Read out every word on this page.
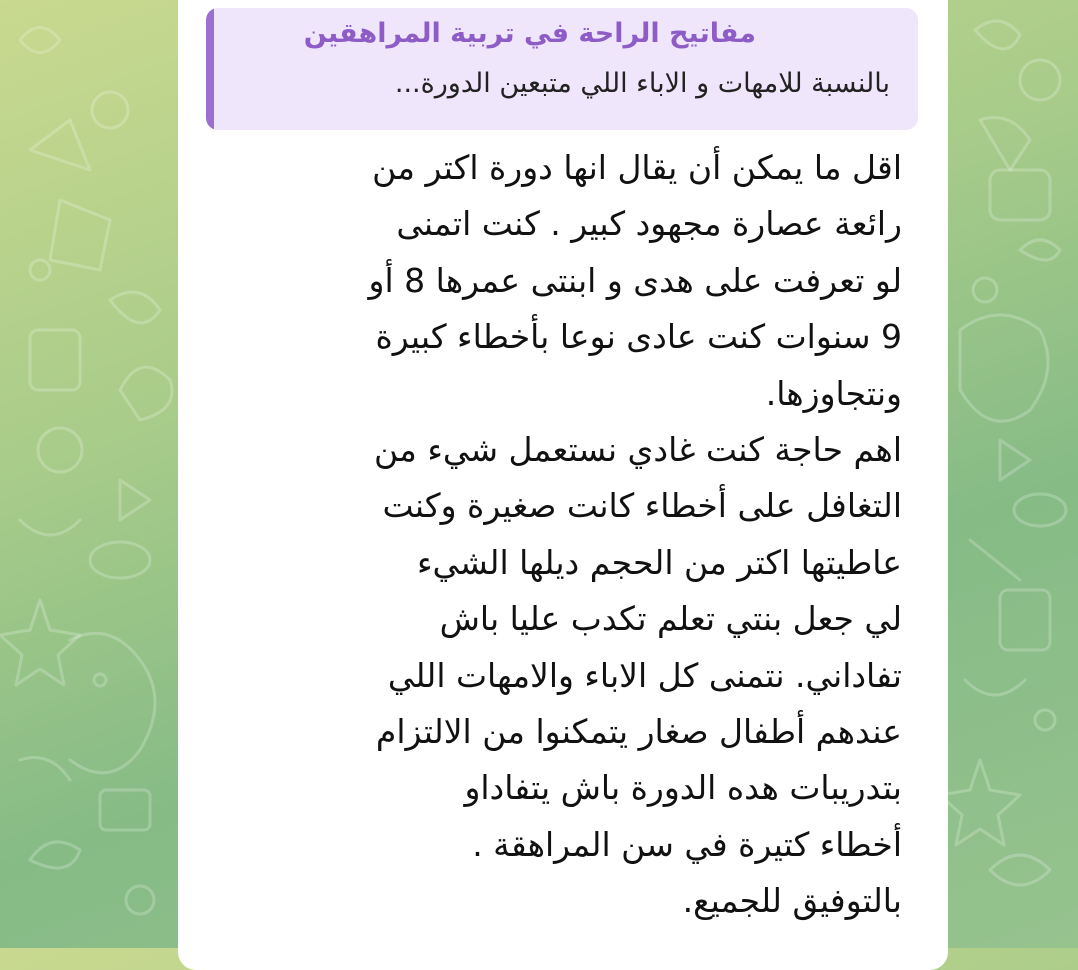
مفاتيح الراحة في تربية المراهقين
بالنسبة للامهات و الاباء اللي متبعين الدورة...
اقل ما يمكن أن يقال انها دورة اكتر من
رائعة عصارة مجهود كبير . كنت اتمنى
لو تعرفت على هدى و ابنتى عمرها 8 أو
9 سنوات كنت عادى نوعا بأخطاء كبيرة
ونتجاوزها.
اهم حاجة كنت غادي نستعمل شيء من
التغافل على أخطاء كانت صغيرة وكنت
عاطيتها اكتر من الحجم ديلها الشيء
لي جعل بنتي تعلم تكدب عليا باش
تفاداني. نتمنى كل الاباء والامهات اللي
عندهم أطفال صغار يتمكنوا من الالتزام
بتدريبات هده الدورة باش يتفاداو
أخطاء كتيرة في سن المراهقة .
بالتوفيق للجميع.
